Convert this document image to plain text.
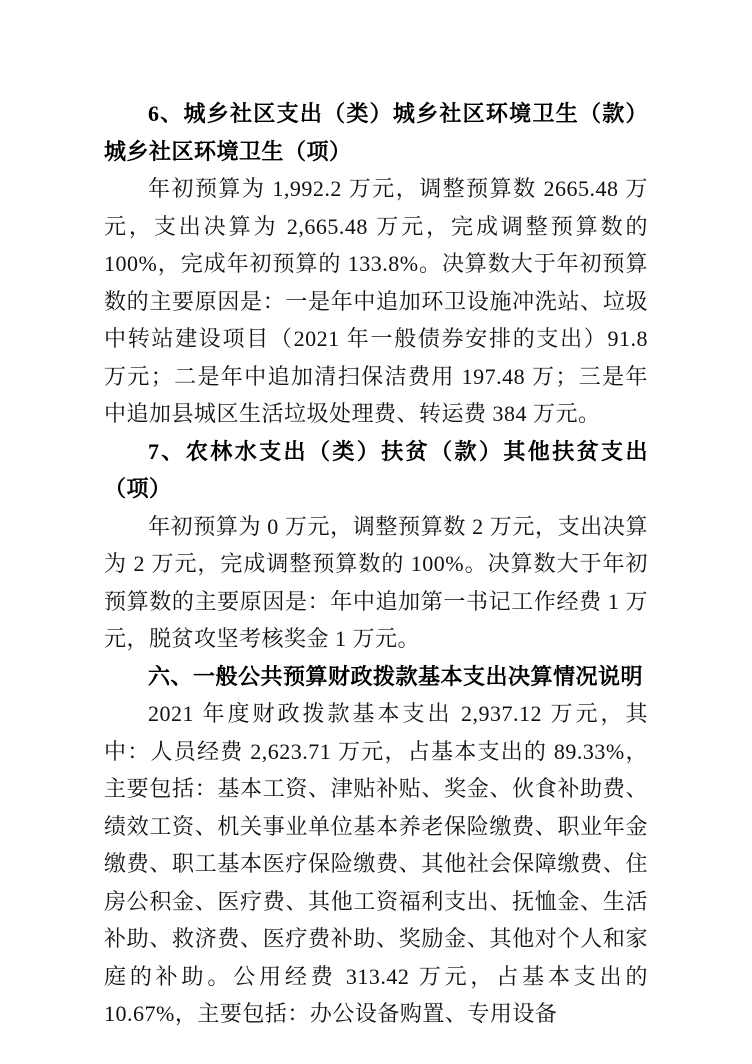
6、城乡社区支出（类）城乡社区环境卫生（款）城乡社区环境卫生（项）
年初预算为 1,992.2 万元，调整预算数 2665.48 万元，支出决算为 2,665.48 万元，完成调整预算数的 100%，完成年初预算的 133.8%。决算数大于年初预算数的主要原因是：一是年中追加环卫设施冲洗站、垃圾中转站建设项目（2021 年一般债券安排的支出）91.8 万元；二是年中追加清扫保洁费用 197.48 万；三是年中追加县城区生活垃圾处理费、转运费 384 万元。
7、农林水支出（类）扶贫（款）其他扶贫支出（项）
年初预算为 0 万元，调整预算数 2 万元，支出决算为 2 万元，完成调整预算数的 100%。决算数大于年初预算数的主要原因是：年中追加第一书记工作经费 1 万元，脱贫攻坚考核奖金 1 万元。
六、一般公共预算财政拨款基本支出决算情况说明
2021 年度财政拨款基本支出 2,937.12 万元，其中：人员经费 2,623.71 万元，占基本支出的 89.33%，主要包括：基本工资、津贴补贴、奖金、伙食补助费、绩效工资、机关事业单位基本养老保险缴费、职业年金缴费、职工基本医疗保险缴费、其他社会保障缴费、住房公积金、医疗费、其他工资福利支出、抚恤金、生活补助、救济费、医疗费补助、奖励金、其他对个人和家庭的补助。公用经费 313.42 万元，占基本支出的 10.67%，主要包括：办公设备购置、专用设备
